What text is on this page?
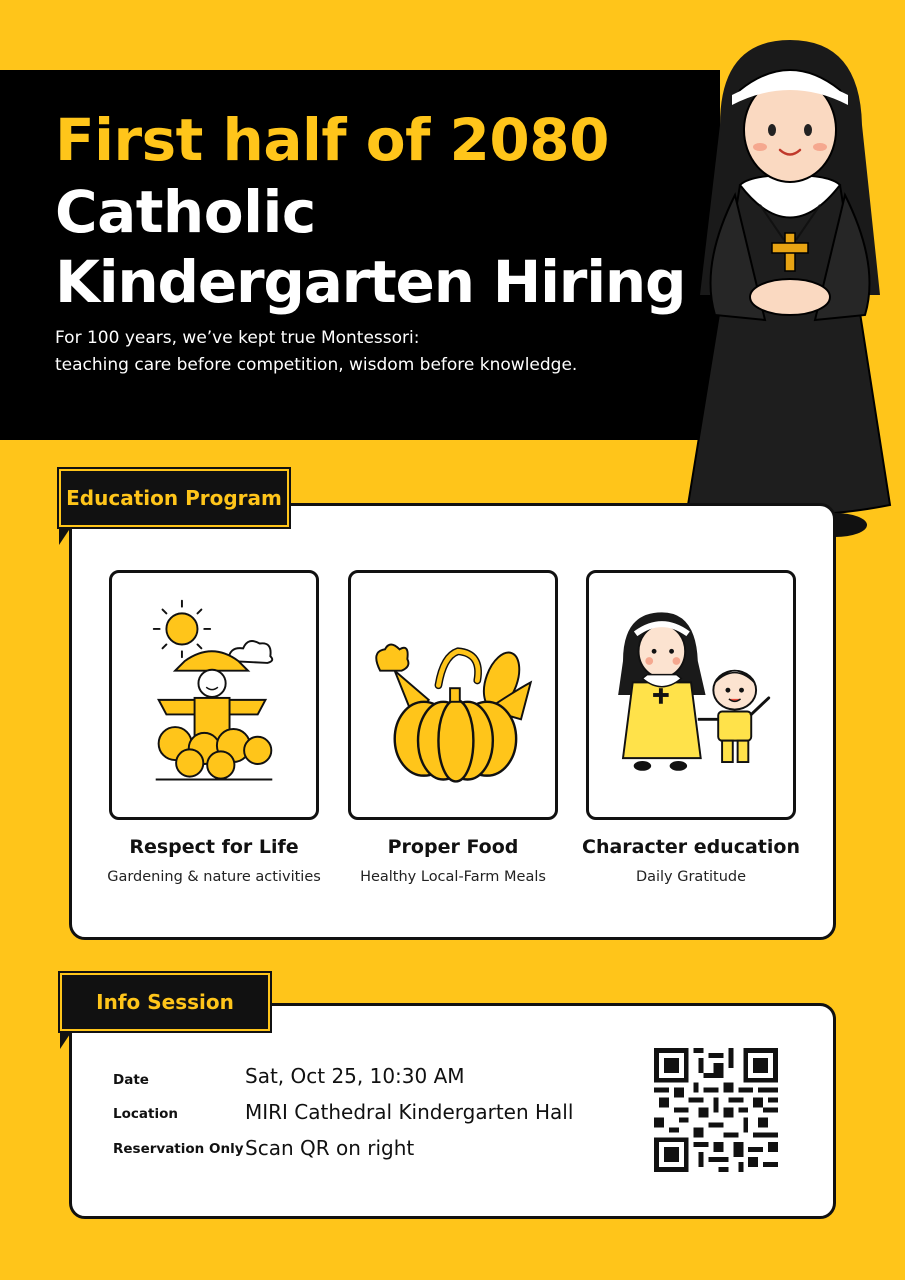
First half of 2080
Catholic
Kindergarten Hiring
For 100 years, we’ve kept true Montessori:
teaching care before competition, wisdom before knowledge.
Education Program
Respect for Life
Gardening & nature activities
Proper Food
Healthy Local-Farm Meals
Character education
Daily Gratitude
Info Session
Date	Sat, Oct 25, 10:30 AM
Location	MIRI Cathedral Kindergarten Hall
Reservation Only Scan QR on right
